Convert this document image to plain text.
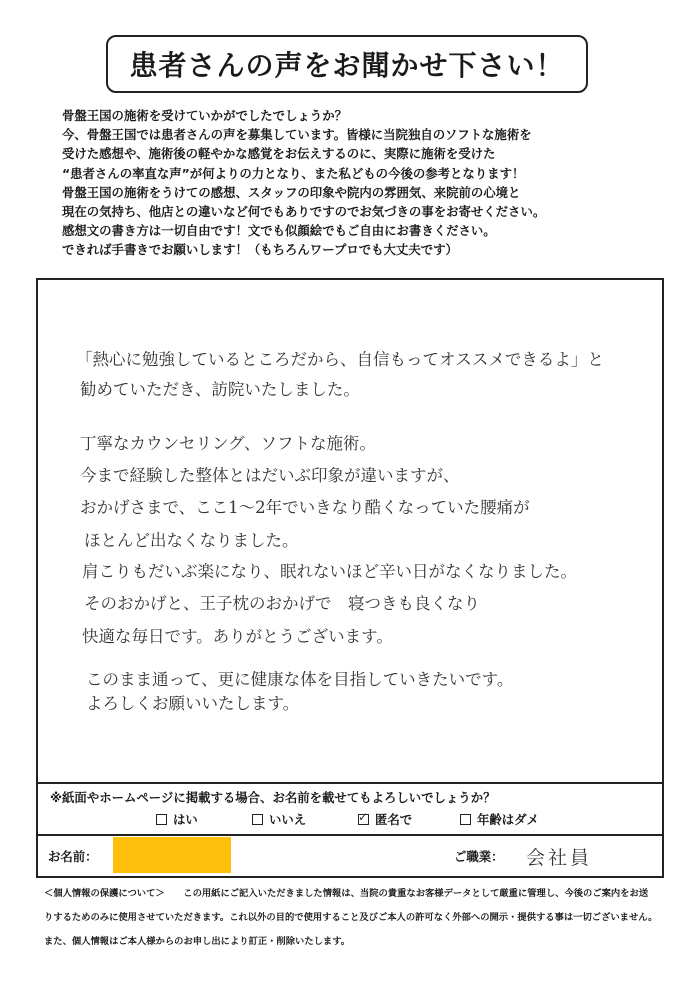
患者さんの声をお聞かせ下さい！
骨盤王国の施術を受けていかがでしたでしょうか？
今、骨盤王国では患者さんの声を募集しています。皆様に当院独自のソフトな施術を
受けた感想や、施術後の軽やかな感覚をお伝えするのに、実際に施術を受けた
“患者さんの率直な声”が何よりの力となり、また私どもの今後の参考となります！
骨盤王国の施術をうけての感想、スタッフの印象や院内の雰囲気、来院前の心境と
現在の気持ち、他店との違いなど何でもありですのでお気づきの事をお寄せください。
感想文の書き方は一切自由です！文でも似顔絵でもご自由にお書きください。
できれば手書きでお願いします！（もちろんワープロでも大丈夫です）
「熱心に勉強しているところだから、自信もってオススメできるよ」と
勧めていただき、訪院いたしました。
丁寧なカウンセリング、ソフトな施術。
今まで経験した整体とはだいぶ印象が違いますが、
おかげさまで、ここ1～2年でいきなり酷くなっていた腰痛が
ほとんど出なくなりました。
肩こりもだいぶ楽になり、眠れないほど辛い日がなくなりました。
そのおかげと、王子枕のおかげで　寝つきも良くなり
快適な毎日です。ありがとうございます。
このまま通って、更に健康な体を目指していきたいです。
よろしくお願いいたします。
※紙面やホームページに掲載する場合、お名前を載せてもよろしいでしょうか？
はい	いいえ
✓	匿名で	年齢はダメ
お名前：	ご職業： 会社員
＜個人情報の保護について＞　　この用紙にご記入いただきました情報は、当院の貴重なお客様データとして厳重に管理し、今後のご案内をお送
りするためのみに使用させていただきます。これ以外の目的で使用すること及びご本人の許可なく外部への開示・提供する事は一切ございません。
また、個人情報はご本人様からのお申し出により訂正・削除いたします。
